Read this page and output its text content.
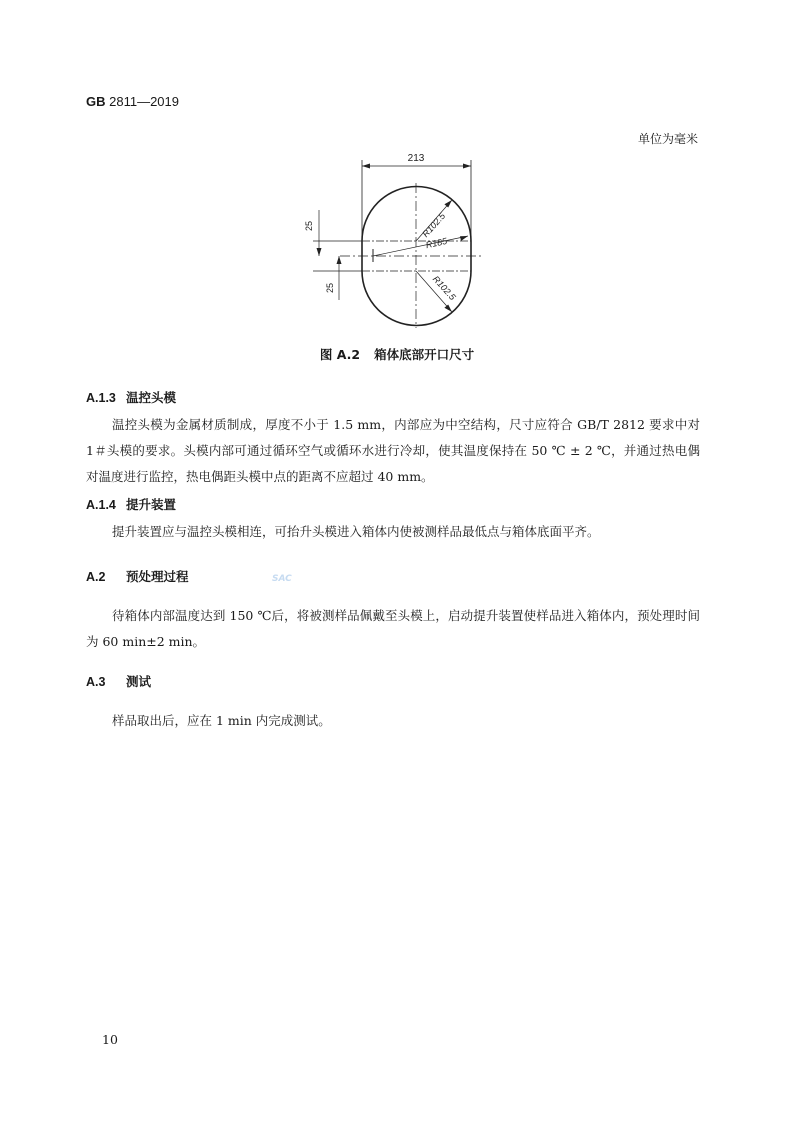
GB 2811—2019
单位为毫米
213
25
25
R102.5
R185
R102.5
图 A.2 箱体底部开口尺寸
A.1.3 温控头模
温控头模为金属材质制成，厚度不小于 1.5 mm，内部应为中空结构，尺寸应符合 GB/T 2812 要求中对 1＃头模的要求。头模内部可通过循环空气或循环水进行冷却，使其温度保持在 50 ℃ ± 2 ℃，并通过热电偶对温度进行监控，热电偶距头模中点的距离不应超过 40 mm。
A.1.4 提升装置
提升装置应与温控头模相连，可抬升头模进入箱体内使被测样品最低点与箱体底面平齐。
A.2 预处理过程
待箱体内部温度达到 150 ℃后，将被测样品佩戴至头模上，启动提升装置使样品进入箱体内，预处理时间为 60 min±2 min。
A.3 测试
样品取出后，应在 1 min 内完成测试。
SAC
10
